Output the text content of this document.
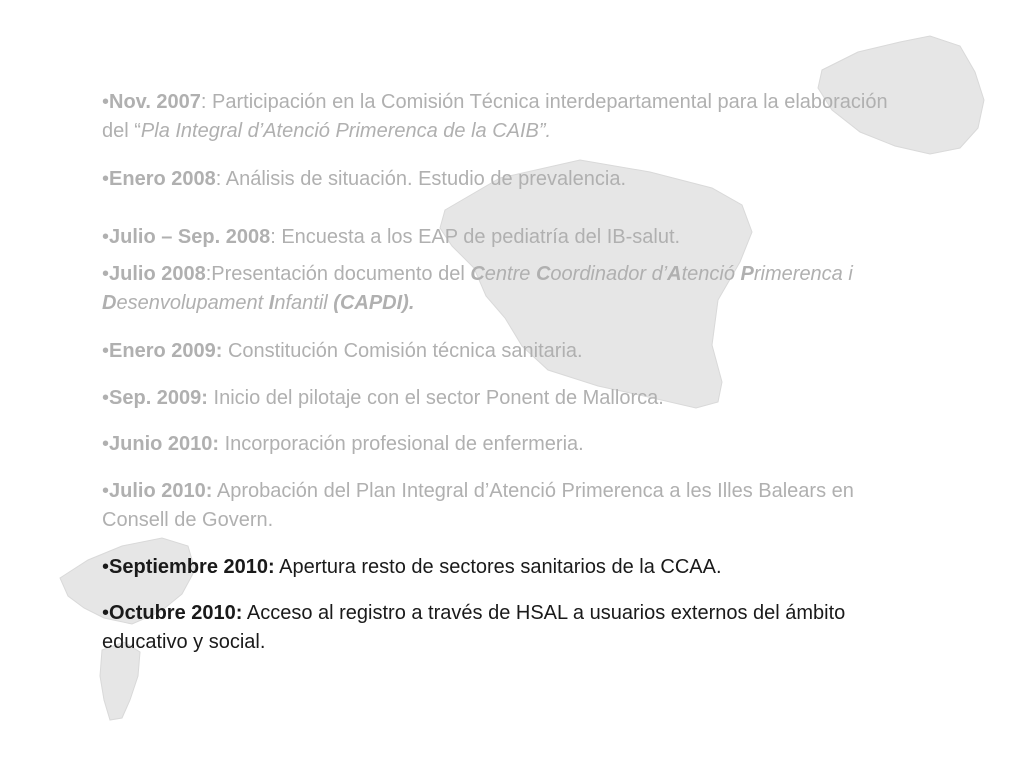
•Nov. 2007: Participación en la Comisión Técnica interdepartamental para la elaboración del “Pla Integral d’Atenció Primerenca de la CAIB”.
•Enero 2008: Análisis de situación. Estudio de prevalencia.
•Julio – Sep. 2008: Encuesta a los EAP de pediatría del IB-salut.
•Julio 2008:Presentación documento del Centre Coordinador d’Atenció Primerenca i Desenvolupament Infantil (CAPDI).
•Enero 2009: Constitución Comisión técnica sanitaria.
•Sep. 2009: Inicio del pilotaje con el sector Ponent de Mallorca.
•Junio 2010: Incorporación profesional de enfermeria.
•Julio 2010: Aprobación del Plan Integral d’Atenció Primerenca a les Illes Balears en Consell de Govern.
•Septiembre 2010: Apertura resto de sectores sanitarios de la CCAA.
•Octubre 2010: Acceso al registro a través de HSAL a usuarios externos del ámbito educativo y social.
